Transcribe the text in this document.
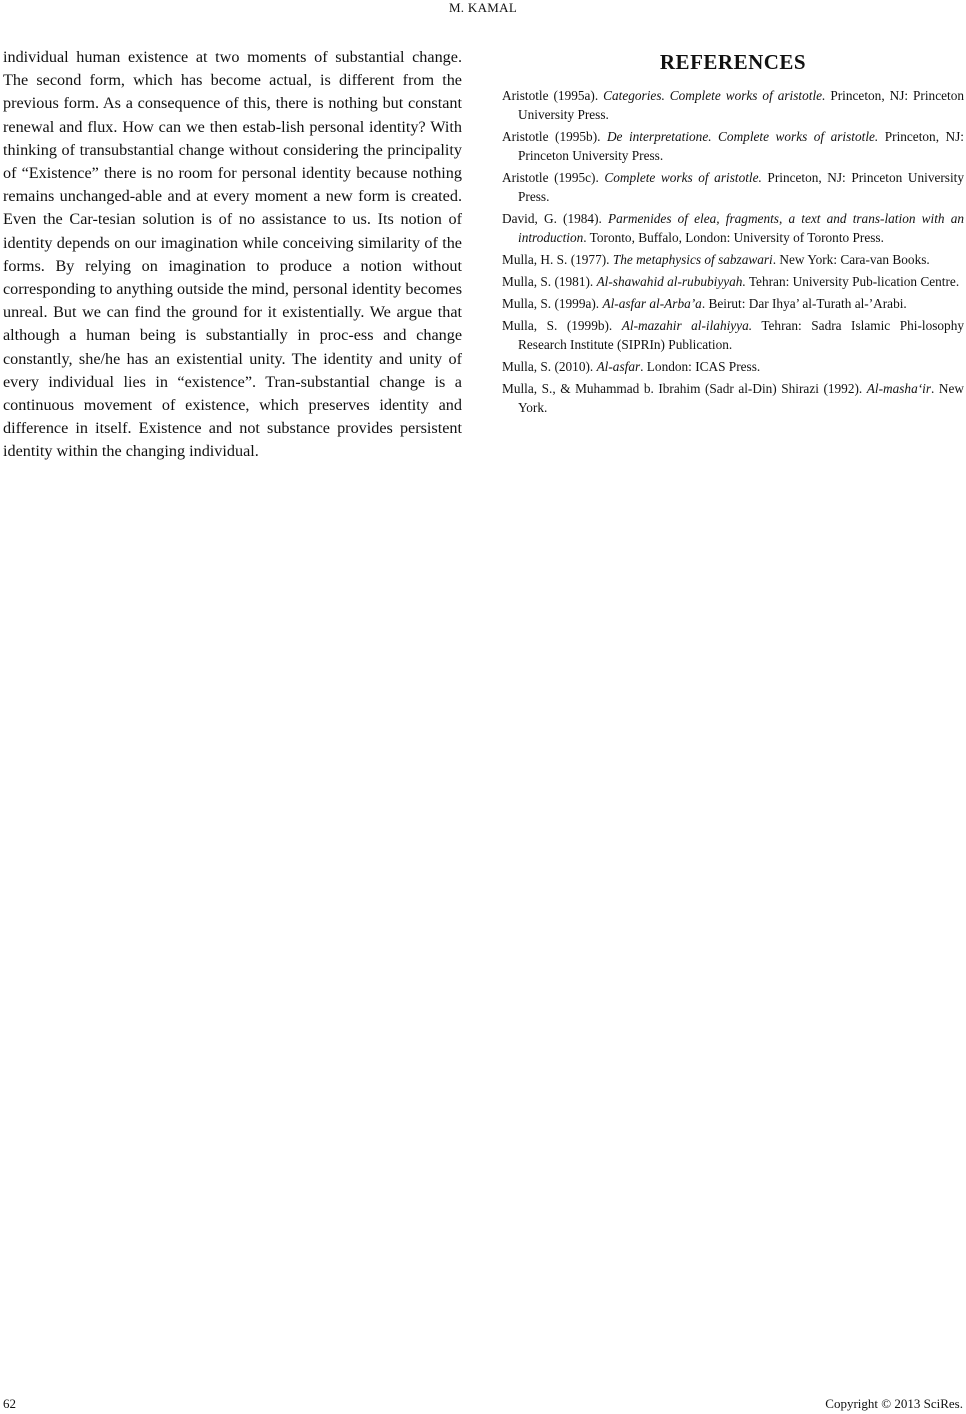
M. KAMAL

individual human existence at two moments of substantial change. The second form, which has become actual, is different from the previous form. As a consequence of this, there is nothing but constant renewal and flux. How can we then estab-lish personal identity? With thinking of transubstantial change without considering the principality of “Existence” there is no room for personal identity because nothing remains unchanged-able and at every moment a new form is created. Even the Car-tesian solution is of no assistance to us. Its notion of identity depends on our imagination while conceiving similarity of the forms. By relying on imagination to produce a notion without corresponding to anything outside the mind, personal identity becomes unreal. But we can find the ground for it existentially. We argue that although a human being is substantially in proc-ess and change constantly, she/he has an existential unity. The identity and unity of every individual lies in “existence”. Tran-substantial change is a continuous movement of existence, which preserves identity and difference in itself. Existence and not substance provides persistent identity within the changing individual.

REFERENCES
Aristotle (1995a). Categories. Complete works of aristotle. Princeton, NJ: Princeton University Press.
Aristotle (1995b). De interpretatione. Complete works of aristotle. Princeton, NJ: Princeton University Press.
Aristotle (1995c). Complete works of aristotle. Princeton, NJ: Princeton University Press.
David, G. (1984). Parmenides of elea, fragments, a text and trans-lation with an introduction. Toronto, Buffalo, London: University of Toronto Press.
Mulla, H. S. (1977). The metaphysics of sabzawari. New York: Cara-van Books.
Mulla, S. (1981). Al-shawahid al-rububiyyah. Tehran: University Pub-lication Centre.
Mulla, S. (1999a). Al-asfar al-Arba’a. Beirut: Dar Ihya’ al-Turath al-’Arabi.
Mulla, S. (1999b). Al-mazahir al-ilahiyya. Tehran: Sadra Islamic Phi-losophy Research Institute (SIPRIn) Publication.
Mulla, S. (2010). Al-asfar. London: ICAS Press.
Mulla, S., & Muhammad b. Ibrahim (Sadr al-Din) Shirazi (1992). Al-masha‘ir. New York.
62	Copyright © 2013 SciRes.
